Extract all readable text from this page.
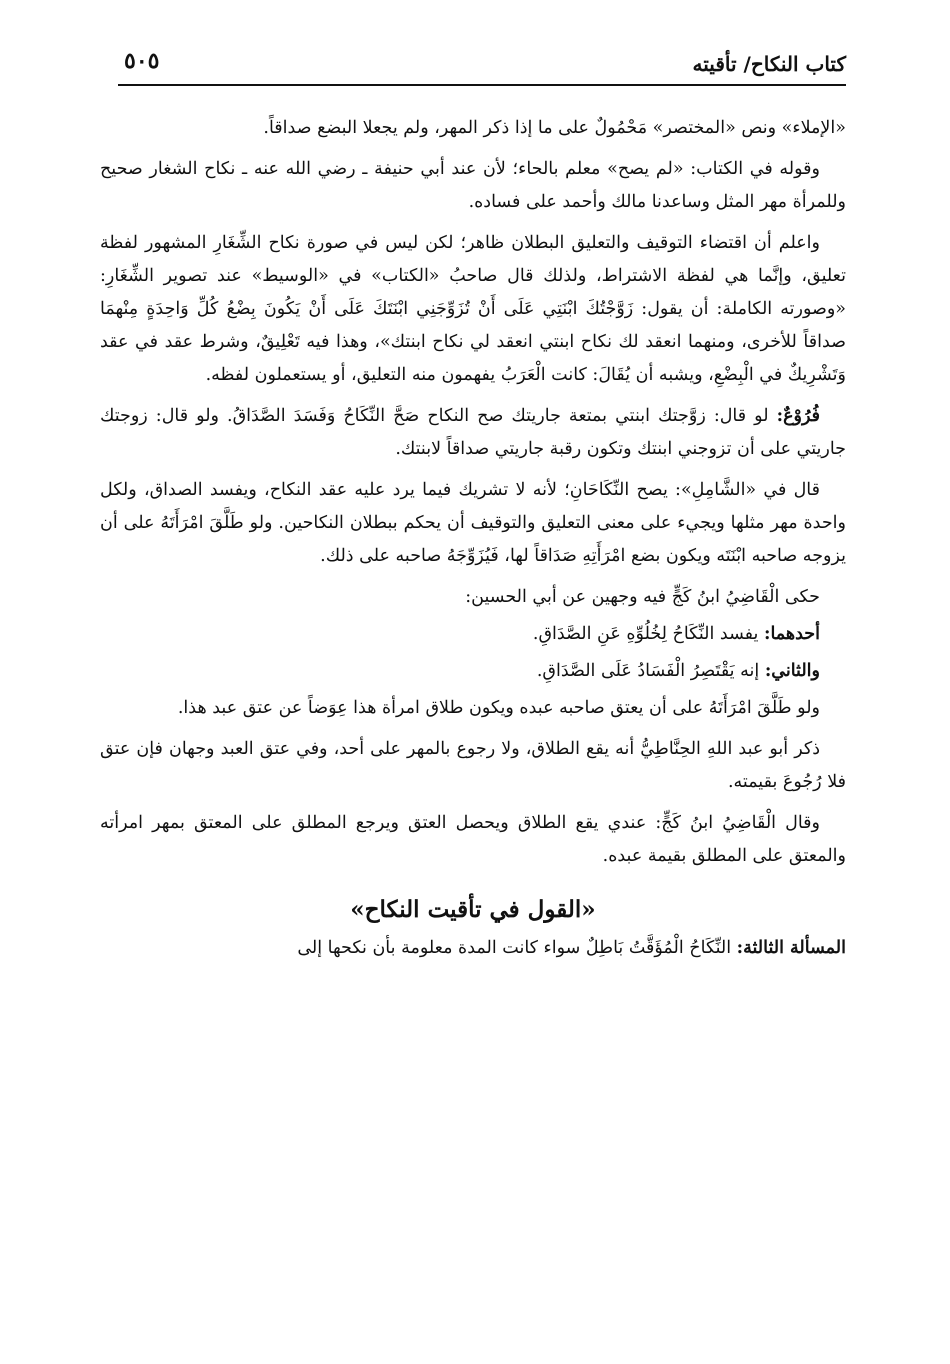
كتاب النكاح/ تأقيته
٥٠٥

«الإملاء» ونص «المختصر» مَحْمُولٌ على ما إذا ذكر المهر، ولم يجعلا البضع صداقاً.

وقوله في الكتاب: «لم يصح» معلم بالحاء؛ لأن عند أبي حنيفة ـ رضي الله عنه ـ نكاح الشغار صحيح وللمرأة مهر المثل وساعدنا مالك وأحمد على فساده.

واعلم أن اقتضاء التوقيف والتعليق البطلان ظاهر؛ لكن ليس في صورة نكاح الشِّغَارِ المشهور لفظة تعليق، وإنَّما هي لفظة الاشتراط، ولذلك قال صاحبُ «الكتاب» في «الوسيط» عند تصوير الشِّغَارِ: «وصورته الكاملة: أن يقول: زَوَّجْتُكَ ابْنَتِي عَلَى أَنْ تُزَوِّجَنِي ابْنَتَكَ عَلَى أَنْ يَكُونَ بِضْعُ كُلِّ وَاحِدَةٍ مِنْهمَا صداقاً للأخرى، ومنهما انعقد لك نكاح ابنتي انعقد لي نكاح ابنتك»، وهذا فيه تَعْلِيقٌ، وشرط عقد في عقد وَتَشْرِيكٌ في الْبِضْعِ، ويشبه أن يُقَالَ: كانت الْعَرَبُ يفهمون منه التعليق، أو يستعملون لفظه.

فُرُوْعٌ: لو قال: زوَّجتك ابنتي بمتعة جاريتك صح النكاح صَحَّ النِّكَاحُ وَفَسَدَ الصَّدَاقُ. ولو قال: زوجتك جاريتي على أن تزوجني ابنتك وتكون رقبة جاريتي صداقاً لابنتك.

قال في «الشَّامِلِ»: يصح النِّكَاحَانِ؛ لأنه لا تشريك فيما يرد عليه عقد النكاح، ويفسد الصداق، ولكل واحدة مهر مثلها ويجيء على معنى التعليق والتوقيف أن يحكم ببطلان النكاحين. ولو طَلَّقَ امْرَأَتَهُ على أن يزوجه صاحبه ابْنَتَه ويكون بضع امْرَأَتِهِ صَدَاقاً لها، فَيُزَوِّجَهُ صاحبه على ذلك.

حكى الْقَاضِيُ ابنُ كَجٍّ فيه وجهين عن أبي الحسين:

أحدهما: يفسد النِّكَاحُ لِخُلُوِّهِ عَنِ الصَّدَاقِ.

والثاني: إنه يَقْتَصِرُ الْفَسَادُ عَلَى الصَّدَاقِ.

ولو طَلَّقَ امْرَأَتَهُ على أن يعتق صاحبه عبده ويكون طلاق امرأة هذا عِوَضاً عن عتق عبد هذا.

ذكر أبو عبد اللهِ الحِنَّاطِيُّ أنه يقع الطلاق، ولا رجوع بالمهر على أحد، وفي عتق العبد وجهان فإن عتق فلا رُجُوعَ بقيمته.

وقال الْقَاضِيُ ابنُ كَجٍّ: عندي يقع الطلاق ويحصل العتق ويرجع المطلق على المعتق بمهر امرأته والمعتق على المطلق بقيمة عبده.

«القول في تأقيت النكاح»

المسألة الثالثة: النِّكَاحُ الْمُؤَقَّتُ بَاطِلٌ سواء كانت المدة معلومة بأن نكحها إلى
